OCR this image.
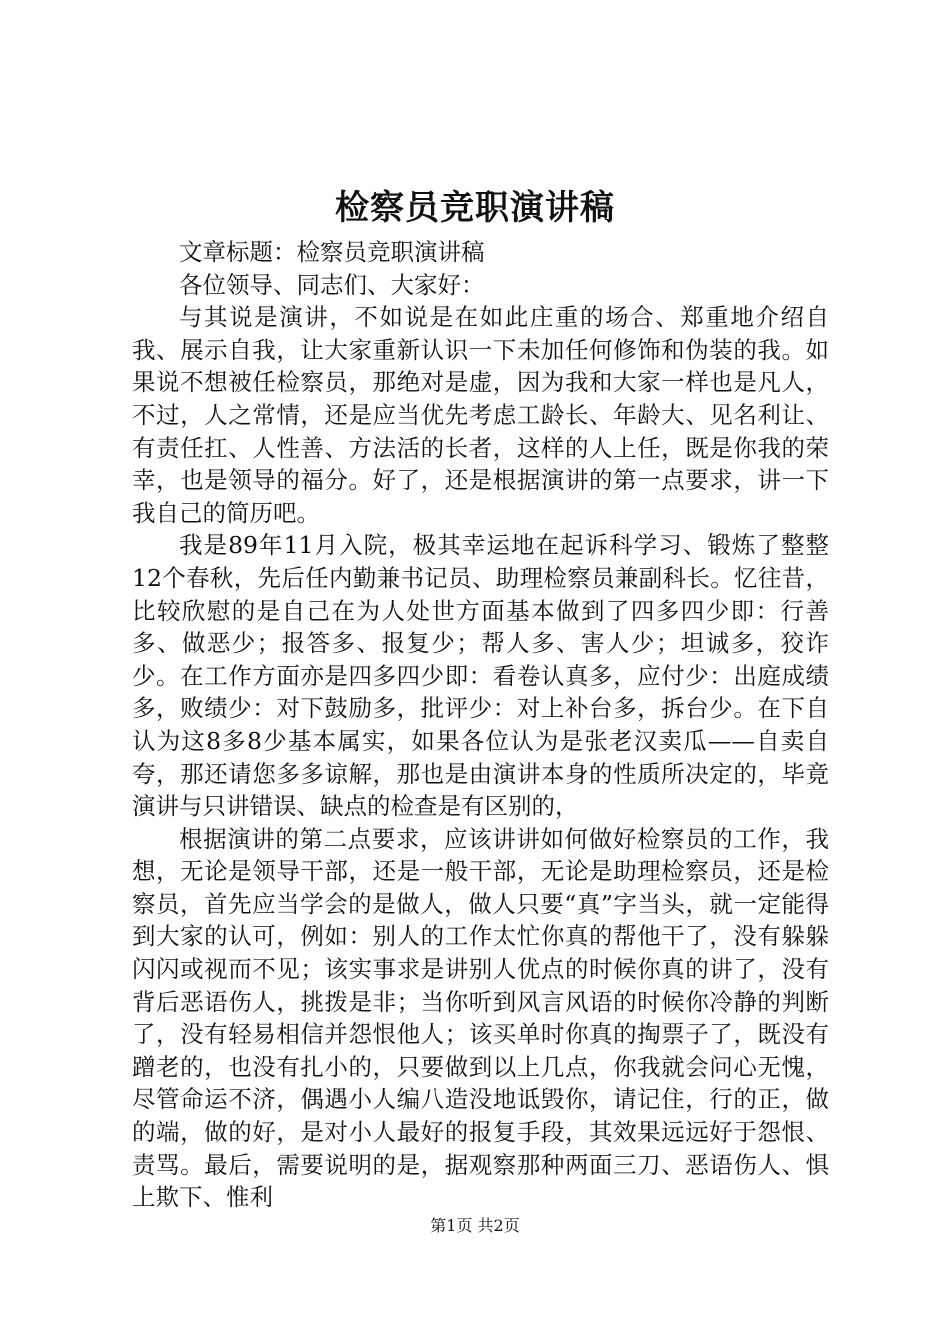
检察员竞职演讲稿

文章标题：检察员竞职演讲稿

各位领导、同志们、大家好：

与其说是演讲，不如说是在如此庄重的场合、郑重地介绍自我、展示自我，让大家重新认识一下未加任何修饰和伪装的我。如果说不想被任检察员，那绝对是虚，因为我和大家一样也是凡人，不过，人之常情，还是应当优先考虑工龄长、年龄大、见名利让、有责任扛、人性善、方法活的长者，这样的人上任，既是你我的荣幸，也是领导的福分。好了，还是根据演讲的第一点要求，讲一下我自己的简历吧。

我是89年11月入院，极其幸运地在起诉科学习、锻炼了整整12个春秋，先后任内勤兼书记员、助理检察员兼副科长。忆往昔，比较欣慰的是自己在为人处世方面基本做到了四多四少即：行善多、做恶少；报答多、报复少；帮人多、害人少；坦诚多，狡诈少。在工作方面亦是四多四少即：看卷认真多，应付少：出庭成绩多，败绩少：对下鼓励多，批评少：对上补台多，拆台少。在下自认为这8多8少基本属实，如果各位认为是张老汉卖瓜——自卖自夸，那还请您多多谅解，那也是由演讲本身的性质所决定的，毕竟演讲与只讲错误、缺点的检查是有区别的，

根据演讲的第二点要求，应该讲讲如何做好检察员的工作，我想，无论是领导干部，还是一般干部，无论是助理检察员，还是检察员，首先应当学会的是做人，做人只要“真”字当头，就一定能得到大家的认可，例如：别人的工作太忙你真的帮他干了，没有躲躲闪闪或视而不见；该实事求是讲别人优点的时候你真的讲了，没有背后恶语伤人，挑拨是非；当你听到风言风语的时候你冷静的判断了，没有轻易相信并怨恨他人；该买单时你真的掏票子了，既没有蹭老的，也没有扎小的，只要做到以上几点，你我就会问心无愧，尽管命运不济，偶遇小人编八造没地诋毁你，请记住，行的正，做的端，做的好，是对小人最好的报复手段，其效果远远好于怨恨、责骂。最后，需要说明的是，据观察那种两面三刀、恶语伤人、惧上欺下、惟利

第1页 共2页
